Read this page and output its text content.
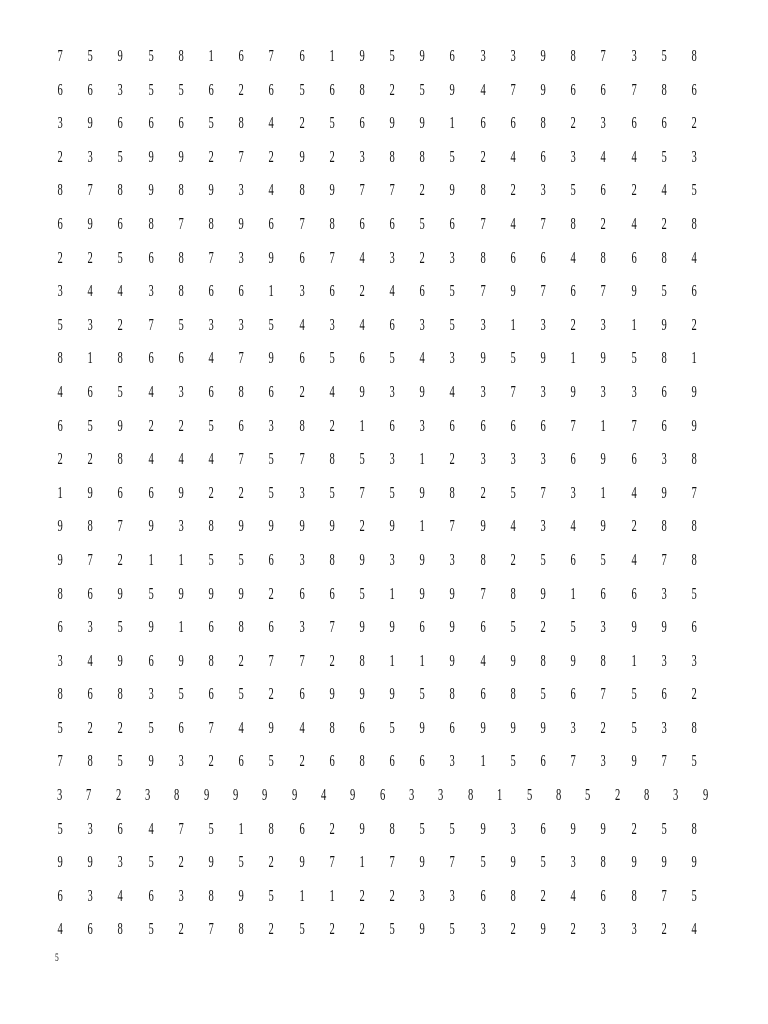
7	5	9	5	8	1	6	7	6	1	9	5	9	6	3	3	9	8	7	3	5	8
6	6	3	5	5	6	2	6	5	6	8	2	5	9	4	7	9	6	6	7	8	6
3	9	6	6	6	5	8	4	2	5	6	9	9	1	6	6	8	2	3	6	6	2
2	3	5	9	9	2	7	2	9	2	3	8	8	5	2	4	6	3	4	4	5	3
8	7	8	9	8	9	3	4	8	9	7	7	2	9	8	2	3	5	6	2	4	5
6	9	6	8	7	8	9	6	7	8	6	6	5	6	7	4	7	8	2	4	2	8
2	2	5	6	8	7	3	9	6	7	4	3	2	3	8	6	6	4	8	6	8	4
3	4	4	3	8	6	6	1	3	6	2	4	6	5	7	9	7	6	7	9	5	6
5	3	2	7	5	3	3	5	4	3	4	6	3	5	3	1	3	2	3	1	9	2
8	1	8	6	6	4	7	9	6	5	6	5	4	3	9	5	9	1	9	5	8	1
4	6	5	4	3	6	8	6	2	4	9	3	9	4	3	7	3	9	3	3	6	9
6	5	9	2	2	5	6	3	8	2	1	6	3	6	6	6	6	7	1	7	6	9
2	2	8	4	4	4	7	5	7	8	5	3	1	2	3	3	3	6	9	6	3	8
1	9	6	6	9	2	2	5	3	5	7	5	9	8	2	5	7	3	1	4	9	7
9	8	7	9	3	8	9	9	9	9	2	9	1	7	9	4	3	4	9	2	8	8
9	7	2	1	1	5	5	6	3	8	9	3	9	3	8	2	5	6	5	4	7	8
8	6	9	5	9	9	9	2	6	6	5	1	9	9	7	8	9	1	6	6	3	5
6	3	5	9	1	6	8	6	3	7	9	9	6	9	6	5	2	5	3	9	9	6
3	4	9	6	9	8	2	7	7	2	8	1	1	9	4	9	8	9	8	1	3	3
8	6	8	3	5	6	5	2	6	9	9	9	5	8	6	8	5	6	7	5	6	2
5	2	2	5	6	7	4	9	4	8	6	5	9	6	9	9	9	3	2	5	3	8
7	8	5	9	3	2	6	5	2	6	8	6	6	3	1	5	6	7	3	9	7	5
3	7	2	3	8	9	9	9	9	4	9	6	3	3	8	1	5	8	5	2	8	3	9
5	3	6	4	7	5	1	8	6	2	9	8	5	5	9	3	6	9	9	2	5	8
9	9	3	5	2	9	5	2	9	7	1	7	9	7	5	9	5	3	8	9	9	9
6	3	4	6	3	8	9	5	1	1	2	2	3	3	6	8	2	4	6	8	7	5
4	6	8	5	2	7	8	2	5	2	2	5	9	5	3	2	9	2	3	3	2	4
5
